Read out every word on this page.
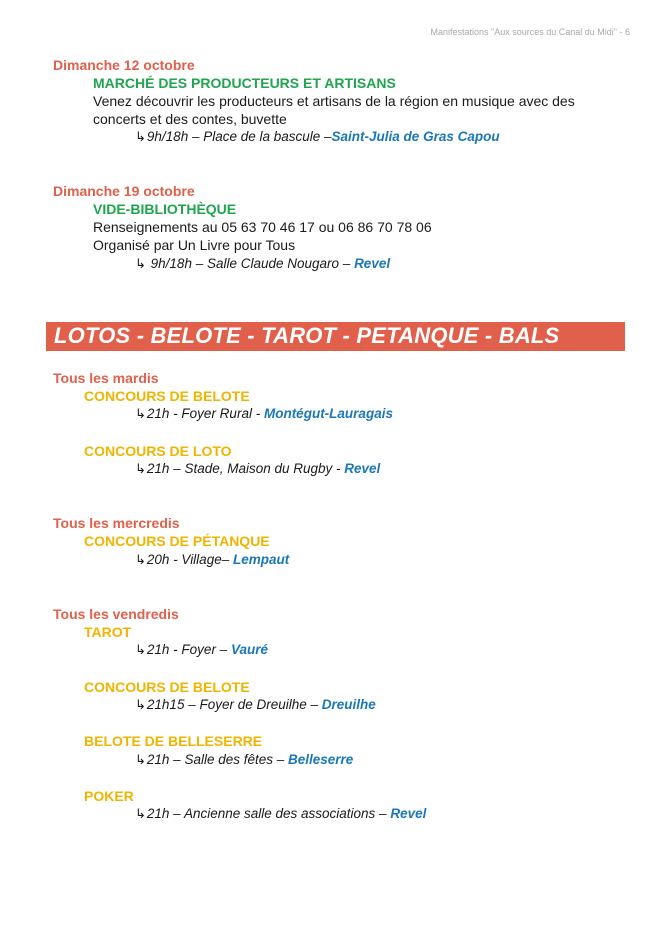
Manifestations "Aux sources du Canal du Midi" - 6
Dimanche 12 octobre
MARCHÉ DES PRODUCTEURS ET ARTISANS
Venez découvrir les producteurs et artisans de la région en musique avec des
concerts et des contes, buvette
↳9h/18h – Place de la bascule –Saint-Julia de Gras Capou
Dimanche 19 octobre
VIDE-BIBLIOTHÈQUE
Renseignements au 05 63 70 46 17 ou 06 86 70 78 06
Organisé par Un Livre pour Tous
↳ 9h/18h – Salle Claude Nougaro – Revel
LOTOS - BELOTE - TAROT - PETANQUE - BALS
Tous les mardis
CONCOURS DE BELOTE
↳21h - Foyer Rural - Montégut-Lauragais
CONCOURS DE LOTO
↳21h – Stade, Maison du Rugby - Revel
Tous les mercredis
CONCOURS DE PÉTANQUE
↳20h - Village– Lempaut
Tous les vendredis
TAROT
↳21h - Foyer – Vauré
CONCOURS DE BELOTE
↳21h15 – Foyer de Dreuilhe – Dreuilhe
BELOTE DE BELLESERRE
↳21h – Salle des fêtes – Belleserre
POKER
↳21h – Ancienne salle des associations – Revel
